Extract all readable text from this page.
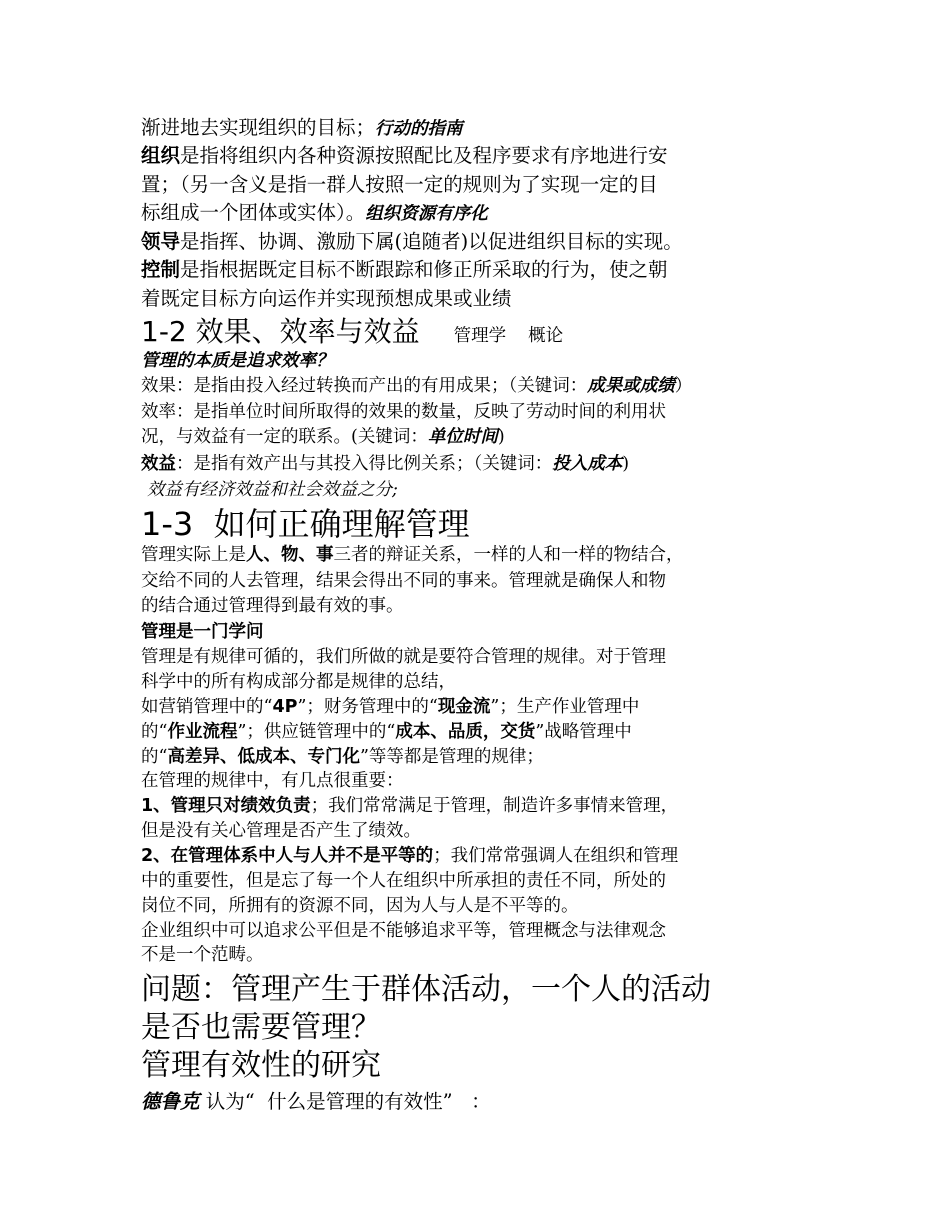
渐进地去实现组织的目标；行动的指南

组织是指将组织内各种资源按照配比及程序要求有序地进行安

置；（另一含义是指一群人按照一定的规则为了实现一定的目

标组成一个团体或实体）。组织资源有序化

领导是指挥、协调、激励下属(追随者)以促进组织目标的实现。

控制是指根据既定目标不断跟踪和修正所采取的行为，使之朝

着既定目标方向运作并实现预想成果或业绩

1-2 效果、效率与效益 管理学 概论

管理的本质是追求效率？

效果：是指由投入经过转换而产出的有用成果；（关键词：成果或成绩）

效率：是指单位时间所取得的效果的数量，反映了劳动时间的利用状

况，与效益有一定的联系。(关键词：单位时间)

效益：是指有效产出与其投入得比例关系；（关键词：投入成本)

效益有经济效益和社会效益之分;

1-3 如何正确理解管理

管理实际上是人、物、事三者的辩证关系，一样的人和一样的物结合，

交给不同的人去管理，结果会得出不同的事来。管理就是确保人和物

的结合通过管理得到最有效的事。

管理是一门学问

管理是有规律可循的，我们所做的就是要符合管理的规律。对于管理

科学中的所有构成部分都是规律的总结，

如营销管理中的“4P”；财务管理中的“现金流”；生产作业管理中

的“作业流程”；供应链管理中的“成本、品质，交货”战略管理中

的“高差异、低成本、专门化”等等都是管理的规律；

在管理的规律中，有几点很重要：

1、管理只对绩效负责；我们常常满足于管理，制造许多事情来管理，

但是没有关心管理是否产生了绩效。

2、在管理体系中人与人并不是平等的；我们常常强调人在组织和管理

中的重要性，但是忘了每一个人在组织中所承担的责任不同，所处的

岗位不同，所拥有的资源不同，因为人与人是不平等的。

企业组织中可以追求公平但是不能够追求平等，管理概念与法律观念

不是一个范畴。

问题：管理产生于群体活动，一个人的活动

是否也需要管理？

管理有效性的研究

德鲁克 认为“  什么是管理的有效性”   ：
